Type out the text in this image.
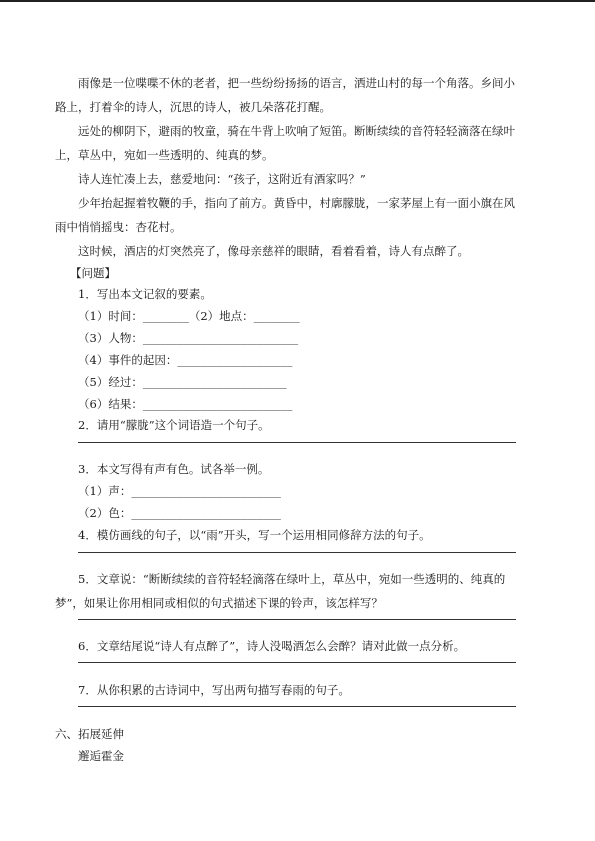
雨像是一位喋喋不休的老者，把一些纷纷扬扬的语言，洒进山村的每一个角落。乡间小
路上，打着伞的诗人，沉思的诗人，被几朵落花打醒。
远处的柳阴下，避雨的牧童，骑在牛背上吹响了短笛。断断续续的音符轻轻滴落在绿叶
上，草丛中，宛如一些透明的、纯真的梦。
诗人连忙凑上去，慈爱地问：“孩子，这附近有酒家吗？”
少年抬起握着牧鞭的手，指向了前方。黄昏中，村廓朦胧，一家茅屋上有一面小旗在风
雨中悄悄摇曳：杏花村。
这时候，酒店的灯突然亮了，像母亲慈祥的眼睛，看着看着，诗人有点醉了。
【问题】
1．写出本文记叙的要素。
（1）时间：________（2）地点：________
（3）人物：___________________________
（4）事件的起因：____________________
（5）经过：_________________________
（6）结果：__________________________
2．请用“朦胧”这个词语造一个句子。
3．本文写得有声有色。试各举一例。
（1）声：__________________________
（2）色：__________________________
4．模仿画线的句子，以“雨”开头，写一个运用相同修辞方法的句子。
5．文章说：“断断续续的音符轻轻滴落在绿叶上，草丛中，宛如一些透明的、纯真的
梦”，如果让你用相同或相似的句式描述下课的铃声，该怎样写？
6．文章结尾说“诗人有点醉了”，诗人没喝酒怎么会醉？请对此做一点分析。
7．从你积累的古诗词中，写出两句描写春雨的句子。
六、拓展延伸
邂逅霍金
